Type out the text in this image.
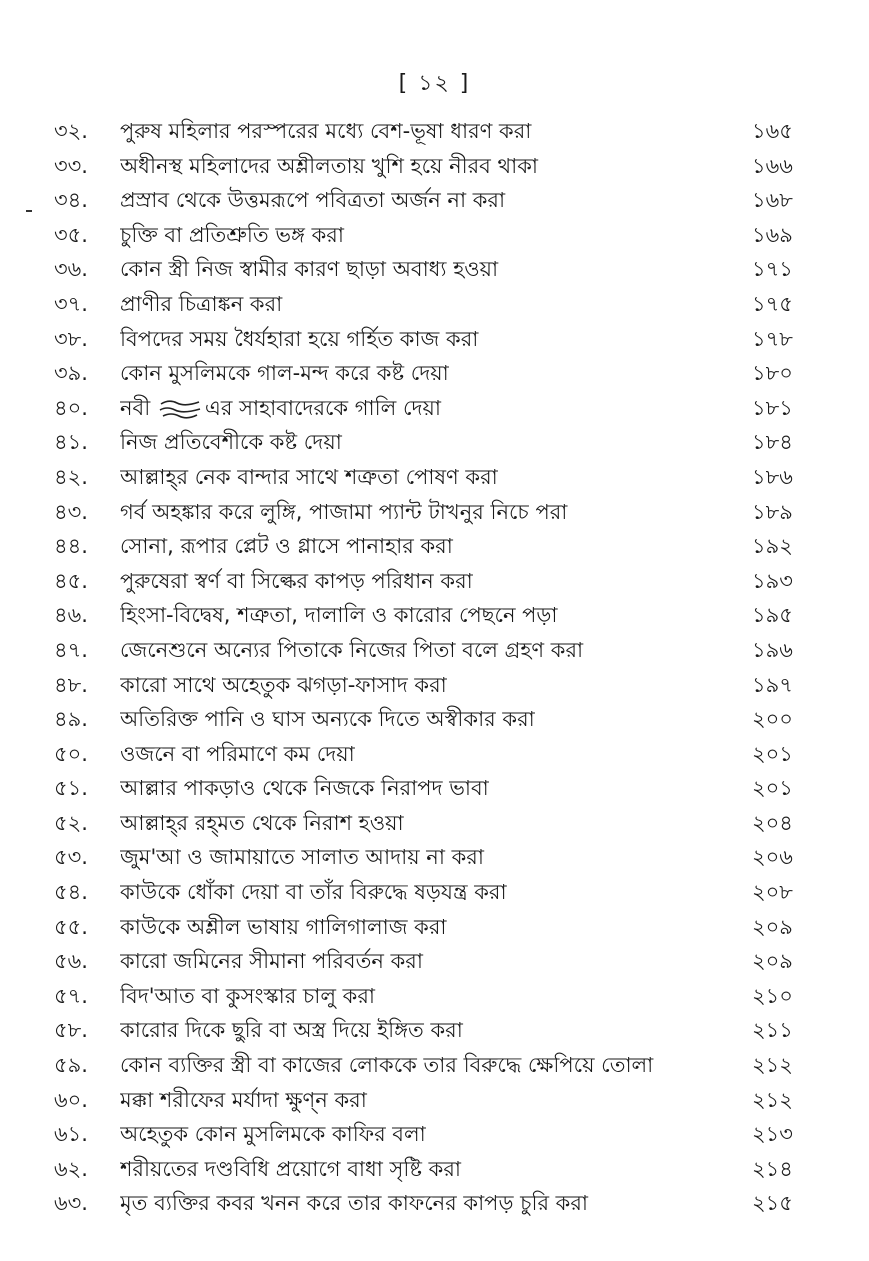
[ ১২ ]
৩২.	পুরুষ মহিলার পরস্পরের মধ্যে বেশ-ভূষা ধারণ করা	১৬৫
৩৩.	অধীনস্থ মহিলাদের অশ্লীলতায় খুশি হয়ে নীরব থাকা	১৬৬
৩৪.	প্রস্রাব থেকে উত্তমরূপে পবিত্রতা অর্জন না করা	১৬৮
৩৫.	চুক্তি বা প্রতিশ্রুতি ভঙ্গ করা	১৬৯
৩৬.	কোন স্ত্রী নিজ স্বামীর কারণ ছাড়া অবাধ্য হওয়া	১৭১
৩৭.	প্রাণীর চিত্রাঙ্কন করা	১৭৫
৩৮.	বিপদের সময় ধৈর্যহারা হয়ে গর্হিত কাজ করা	১৭৮
৩৯.	কোন মুসলিমকে গাল-মন্দ করে কষ্ট দেয়া	১৮০
৪০.	নবী এর সাহাবাদেরকে গালি দেয়া	১৮১
৪১.	নিজ প্রতিবেশীকে কষ্ট দেয়া	১৮৪
৪২.	আল্লাহ্‌র নেক বান্দার সাথে শত্রুতা পোষণ করা	১৮৬
৪৩.	গর্ব অহঙ্কার করে লুঙ্গি, পাজামা প্যান্ট টাখনুর নিচে পরা	১৮৯
৪৪.	সোনা, রূপার প্লেট ও গ্লাসে পানাহার করা	১৯২
৪৫.	পুরুষেরা স্বর্ণ বা সিল্কের কাপড় পরিধান করা	১৯৩
৪৬.	হিংসা-বিদ্বেষ, শত্রুতা, দালালি ও কারোর পেছনে পড়া	১৯৫
৪৭.	জেনেশুনে অন্যের পিতাকে নিজের পিতা বলে গ্রহণ করা	১৯৬
৪৮.	কারো সাথে অহেতুক ঝগড়া-ফাসাদ করা	১৯৭
৪৯.	অতিরিক্ত পানি ও ঘাস অন্যকে দিতে অস্বীকার করা	২০০
৫০.	ওজনে বা পরিমাণে কম দেয়া	২০১
৫১.	আল্লার পাকড়াও থেকে নিজকে নিরাপদ ভাবা	২০১
৫২.	আল্লাহ্‌র রহ্‌মত থেকে নিরাশ হওয়া	২০৪
৫৩.	জুম'আ ও জামায়াতে সালাত আদায় না করা	২০৬
৫৪.	কাউকে ধোঁকা দেয়া বা তাঁর বিরুদ্ধে ষড়যন্ত্র করা	২০৮
৫৫.	কাউকে অশ্লীল ভাষায় গালিগালাজ করা	২০৯
৫৬.	কারো জমিনের সীমানা পরিবর্তন করা	২০৯
৫৭.	বিদ'আত বা কুসংস্কার চালু করা	২১০
৫৮.	কারোর দিকে ছুরি বা অস্ত্র দিয়ে ইঙ্গিত করা	২১১
৫৯.	কোন ব্যক্তির স্ত্রী বা কাজের লোককে তার বিরুদ্ধে ক্ষেপিয়ে তোলা	২১২
৬০.	মক্কা শরীফের মর্যাদা ক্ষুণ্ন করা	২১২
৬১.	অহেতুক কোন মুসলিমকে কাফির বলা	২১৩
৬২.	শরীয়তের দণ্ডবিধি প্রয়োগে বাধা সৃষ্টি করা	২১৪
৬৩.	মৃত ব্যক্তির কবর খনন করে তার কাফনের কাপড় চুরি করা	২১৫
